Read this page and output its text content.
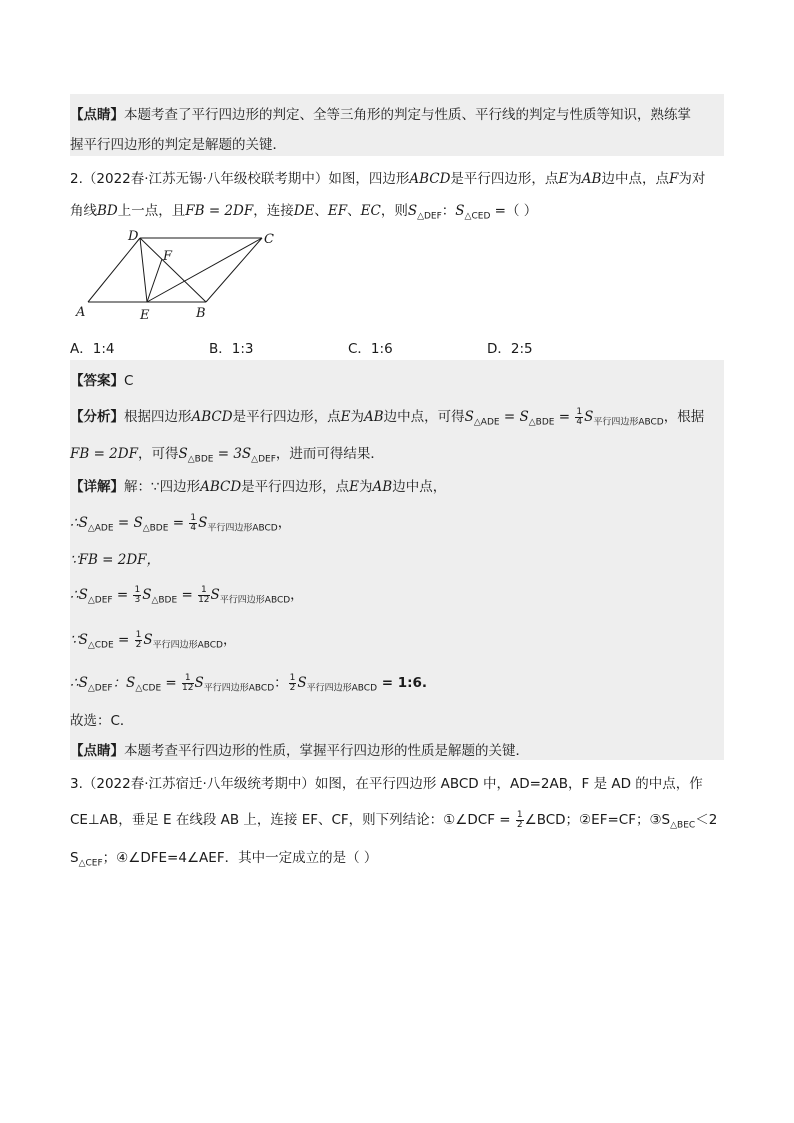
【点睛】本题考查了平行四边形的判定、全等三角形的判定与性质、平行线的判定与性质等知识，熟练掌
握平行四边形的判定是解题的关键．
2.（2022春·江苏无锡·八年级校联考期中）如图，四边形ABCD是平行四边形，点E为AB边中点，点F为对
角线BD上一点，且FB = 2DF，连接DE、EF、EC，则$S_{\triangle DEF}$：$S_{\triangle CED}$ =（ ）
A	B
C
D
E
F
A．1:4	B．1:3	C．1:6	D．2:5
【答案】C
【分析】根据四边形ABCD是平行四边形，点E为AB边中点，可得$S_{\triangle ADE} = S_{\triangle BDE} = \frac{1}{4} S_{平行四边形ABCD}$，根据
FB = 2DF，可得$S_{\triangle BDE} = 3S_{\triangle DEF}$，进而可得结果．
【详解】解：∵四边形ABCD是平行四边形，点E为AB边中点，
$\therefore S_{\triangle ADE} = S_{\triangle BDE} = \frac{1}{4} S_{平行四边形ABCD}$，
∵FB = 2DF，
$\therefore S_{\triangle DEF} = \frac{1}{3} S_{\triangle BDE} = \frac{1}{12} S_{平行四边形ABCD}$，
$\because S_{\triangle CDE} = \frac{1}{2} S_{平行四边形ABCD}$，
$\therefore S_{\triangle DEF}$：$S_{\triangle CDE} = \frac{1}{12} S_{平行四边形ABCD}$： $\frac{1}{2} S_{平行四边形ABCD}$ = 1:6.
故选：C．
【点睛】本题考查平行四边形的性质，掌握平行四边形的性质是解题的关键．
3.（2022春·江苏宿迁·八年级统考期中）如图，在平行四边形 ABCD 中，AD=2AB，F 是 AD 的中点，作
CE⊥AB，垂足 E 在线段 AB 上，连接 EF、CF，则下列结论：①∠DCF = $\frac{1}{2}$ ∠BCD；②EF=CF；$③S_{\triangle BEC}<2$
$S_{\triangle CEF}$；④∠DFE=4∠AEF．其中一定成立的是（ ）
